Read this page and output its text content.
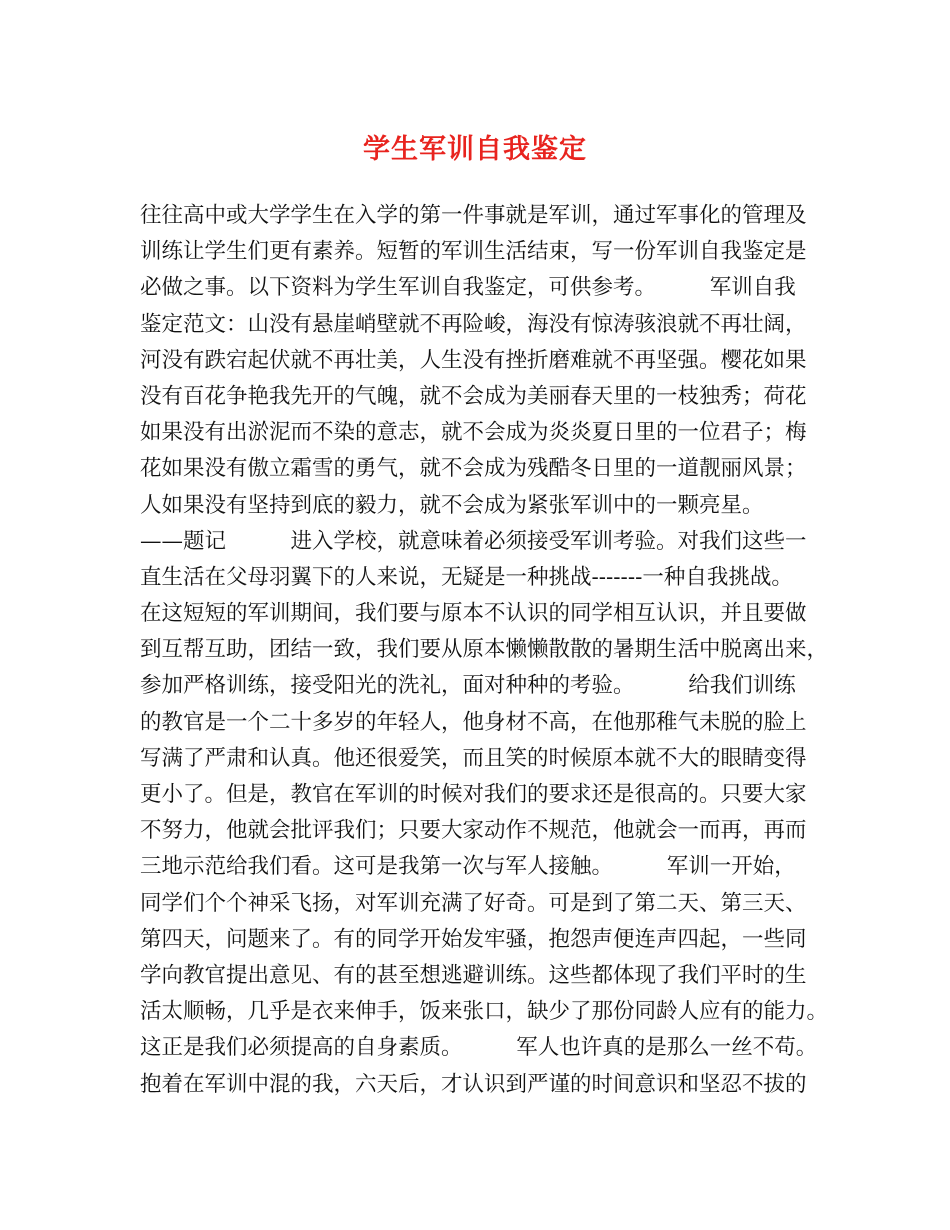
学生军训自我鉴定
往往高中或大学学生在入学的第一件事就是军训，通过军事化的管理及
训练让学生们更有素养。短暂的军训生活结束，写一份军训自我鉴定是
必做之事。以下资料为学生军训自我鉴定，可供参考。　　　军训自我
鉴定范文：山没有悬崖峭壁就不再险峻，海没有惊涛骇浪就不再壮阔，
河没有跌宕起伏就不再壮美，人生没有挫折磨难就不再坚强。樱花如果
没有百花争艳我先开的气魄，就不会成为美丽春天里的一枝独秀；荷花
如果没有出淤泥而不染的意志，就不会成为炎炎夏日里的一位君子；梅
花如果没有傲立霜雪的勇气，就不会成为残酷冬日里的一道靓丽风景；
人如果没有坚持到底的毅力，就不会成为紧张军训中的一颗亮星。
——题记　　　进入学校，就意味着必须接受军训考验。对我们这些一
直生活在父母羽翼下的人来说，无疑是一种挑战-------一种自我挑战。
在这短短的军训期间，我们要与原本不认识的同学相互认识，并且要做
到互帮互助，团结一致，我们要从原本懒懒散散的暑期生活中脱离出来，
参加严格训练，接受阳光的洗礼，面对种种的考验。　　　给我们训练
的教官是一个二十多岁的年轻人，他身材不高，在他那稚气未脱的脸上
写满了严肃和认真。他还很爱笑，而且笑的时候原本就不大的眼睛变得
更小了。但是，教官在军训的时候对我们的要求还是很高的。只要大家
不努力，他就会批评我们；只要大家动作不规范，他就会一而再，再而
三地示范给我们看。这可是我第一次与军人接触。　　　军训一开始，
同学们个个神采飞扬，对军训充满了好奇。可是到了第二天、第三天、
第四天，问题来了。有的同学开始发牢骚，抱怨声便连声四起，一些同
学向教官提出意见、有的甚至想逃避训练。这些都体现了我们平时的生
活太顺畅，几乎是衣来伸手，饭来张口，缺少了那份同龄人应有的能力。
这正是我们必须提高的自身素质。　　　军人也许真的是那么一丝不苟。
抱着在军训中混的我，六天后，才认识到严谨的时间意识和坚忍不拔的
